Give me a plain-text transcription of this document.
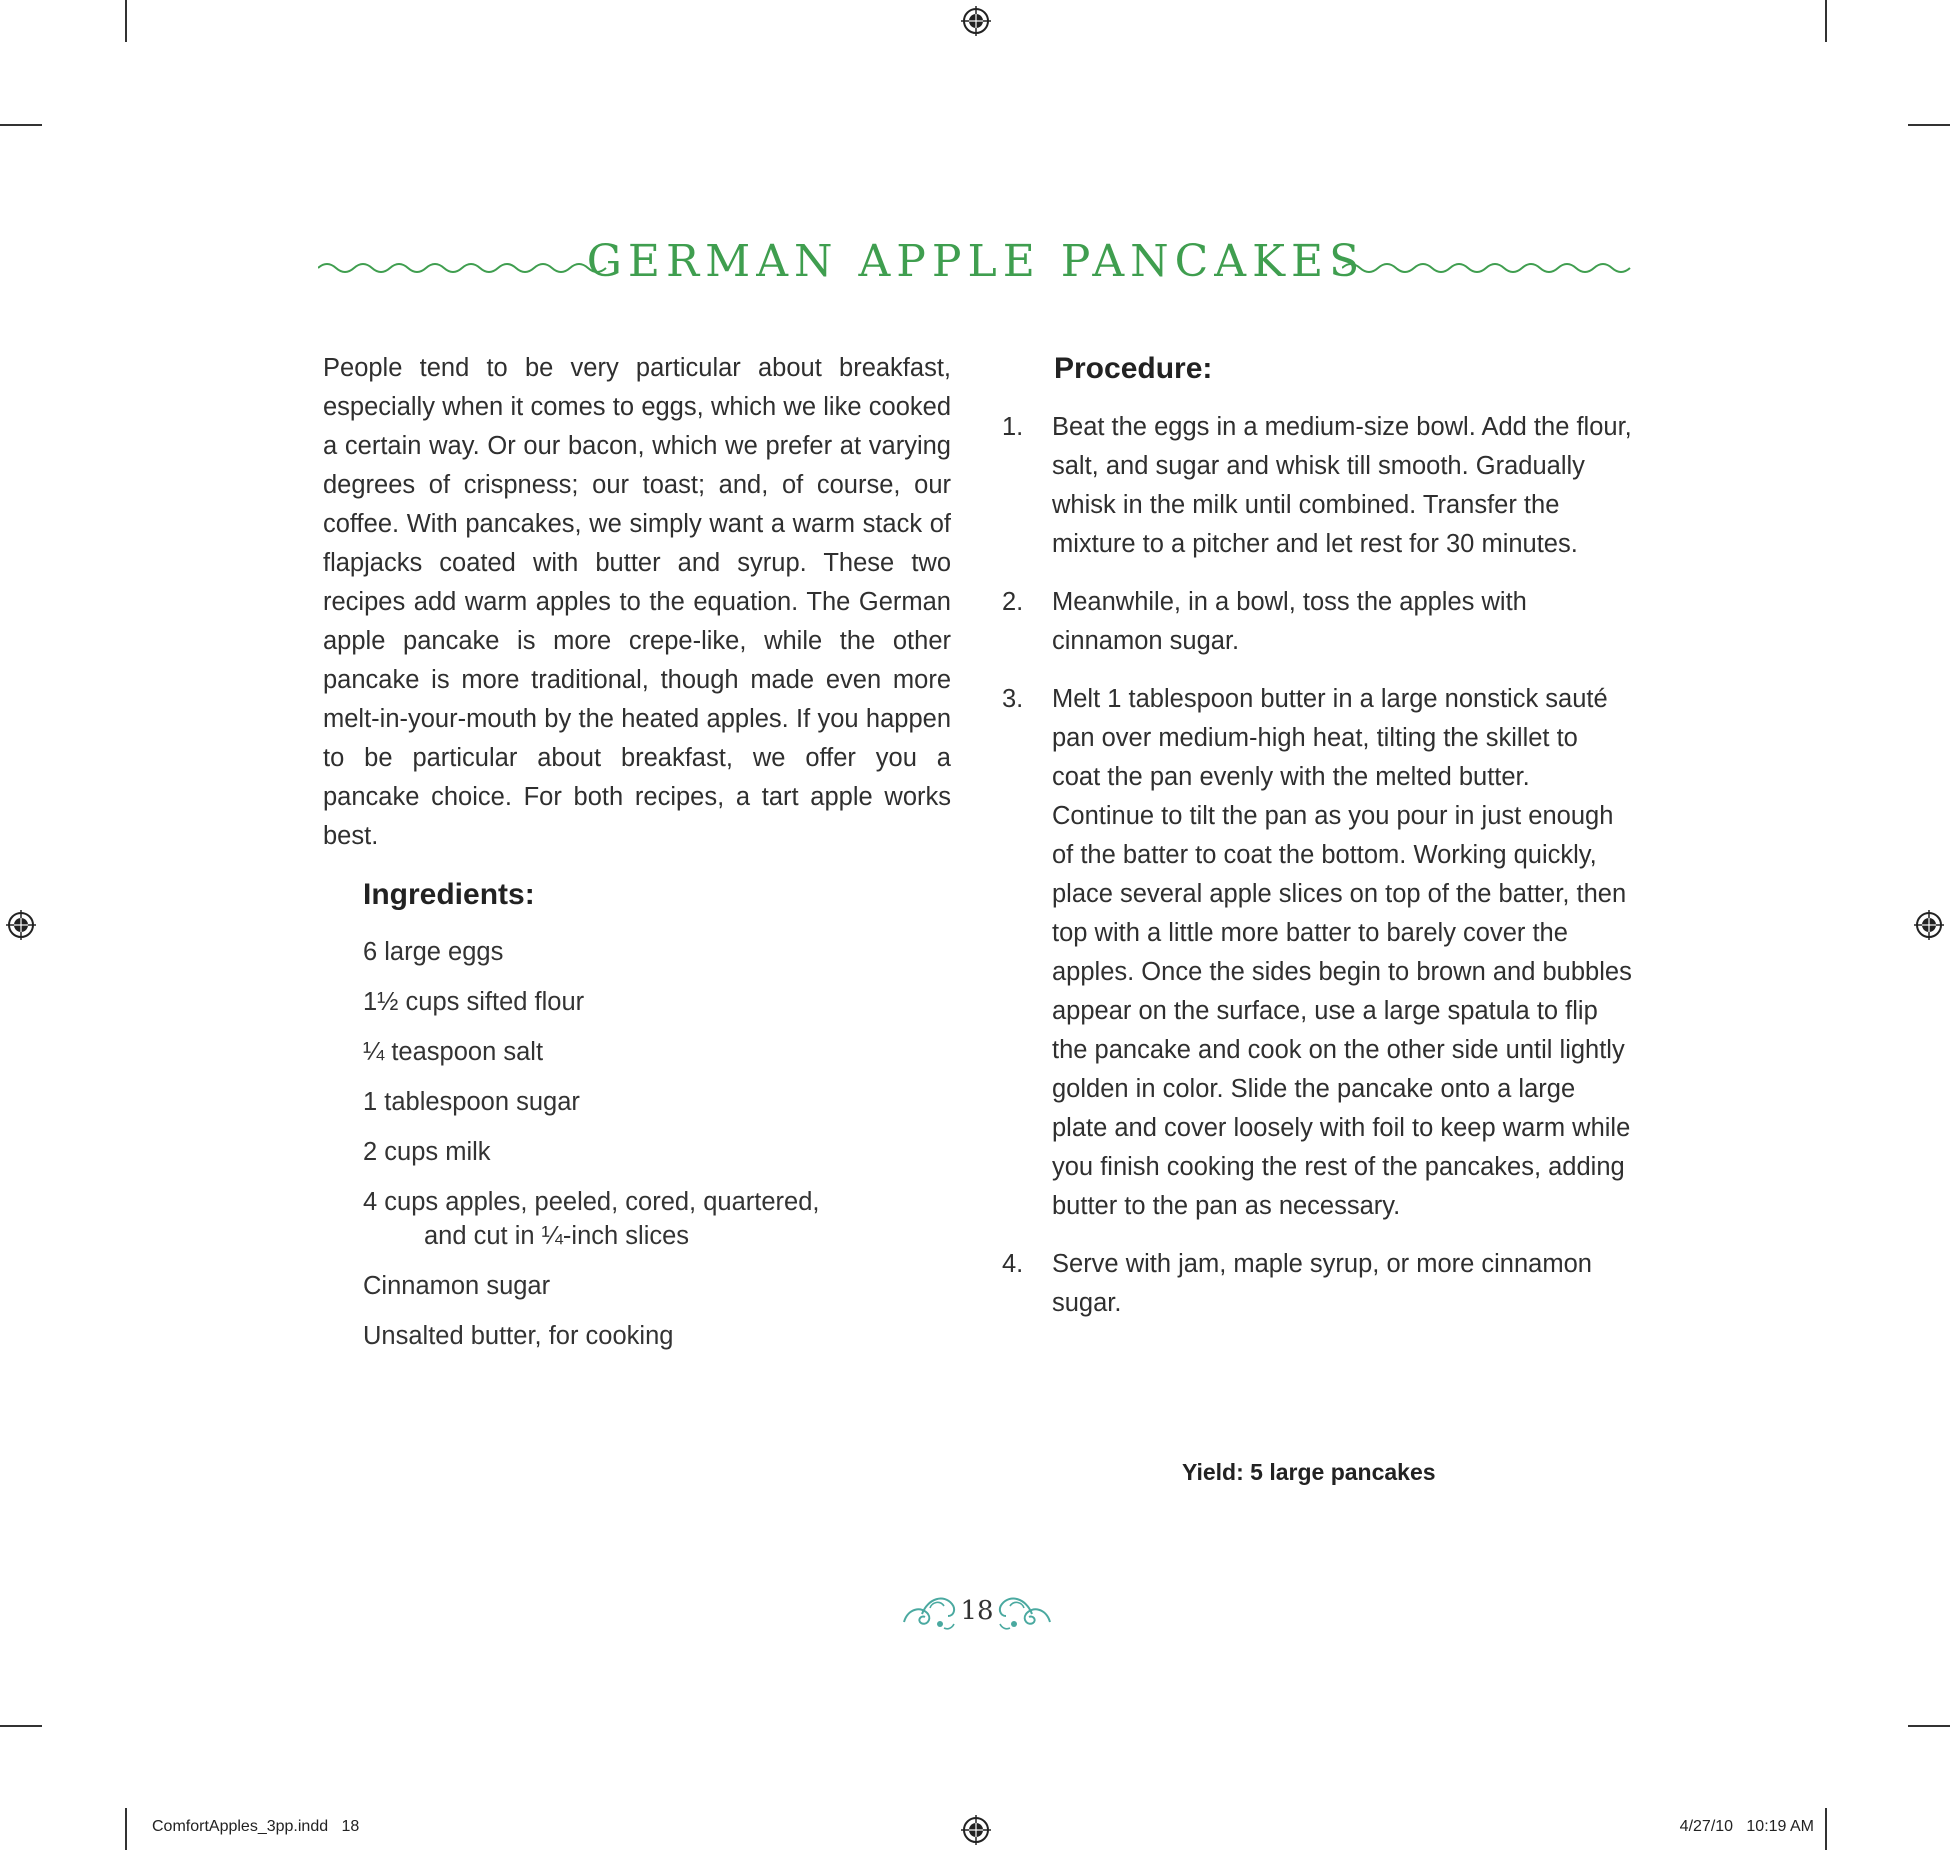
GERMAN APPLE PANCAKES

People tend to be very particular about breakfast, especially when it comes to eggs, which we like cooked a certain way. Or our bacon, which we prefer at varying degrees of crispness; our toast; and, of course, our coffee. With pancakes, we simply want a warm stack of flapjacks coated with butter and syrup. These two recipes add warm apples to the equation. The German apple pancake is more crepe-like, while the other pancake is more traditional, though made even more melt-in-your-mouth by the heated apples. If you happen to be particular about breakfast, we offer you a pancake choice. For both recipes, a tart apple works best.

Ingredients:
6 large eggs
1½ cups sifted flour
¼ teaspoon salt
1 tablespoon sugar
2 cups milk
4 cups apples, peeled, cored, quartered,
and cut in ¼-inch slices
Cinnamon sugar
Unsalted butter, for cooking
Procedure:
1. Beat the eggs in a medium-size bowl. Add the flour, salt, and sugar and whisk till smooth. Gradually whisk in the milk until combined. Transfer the mixture to a pitcher and let rest for 30 minutes.
2. Meanwhile, in a bowl, toss the apples with cinnamon sugar.
3. Melt 1 tablespoon butter in a large nonstick sauté pan over medium-high heat, tilting the skillet to coat the pan evenly with the melted butter. Continue to tilt the pan as you pour in just enough of the batter to coat the bottom. Working quickly, place several apple slices on top of the batter, then top with a little more batter to barely cover the apples. Once the sides begin to brown and bubbles appear on the surface, use a large spatula to flip the pancake and cook on the other side until lightly golden in color. Slide the pancake onto a large plate and cover loosely with foil to keep warm while you finish cooking the rest of the pancakes, adding butter to the pan as necessary.
4. Serve with jam, maple syrup, or more cinnamon sugar.
Yield: 5 large pancakes
18
ComfortApples_3pp.indd   18	4/27/10   10:19 AM
